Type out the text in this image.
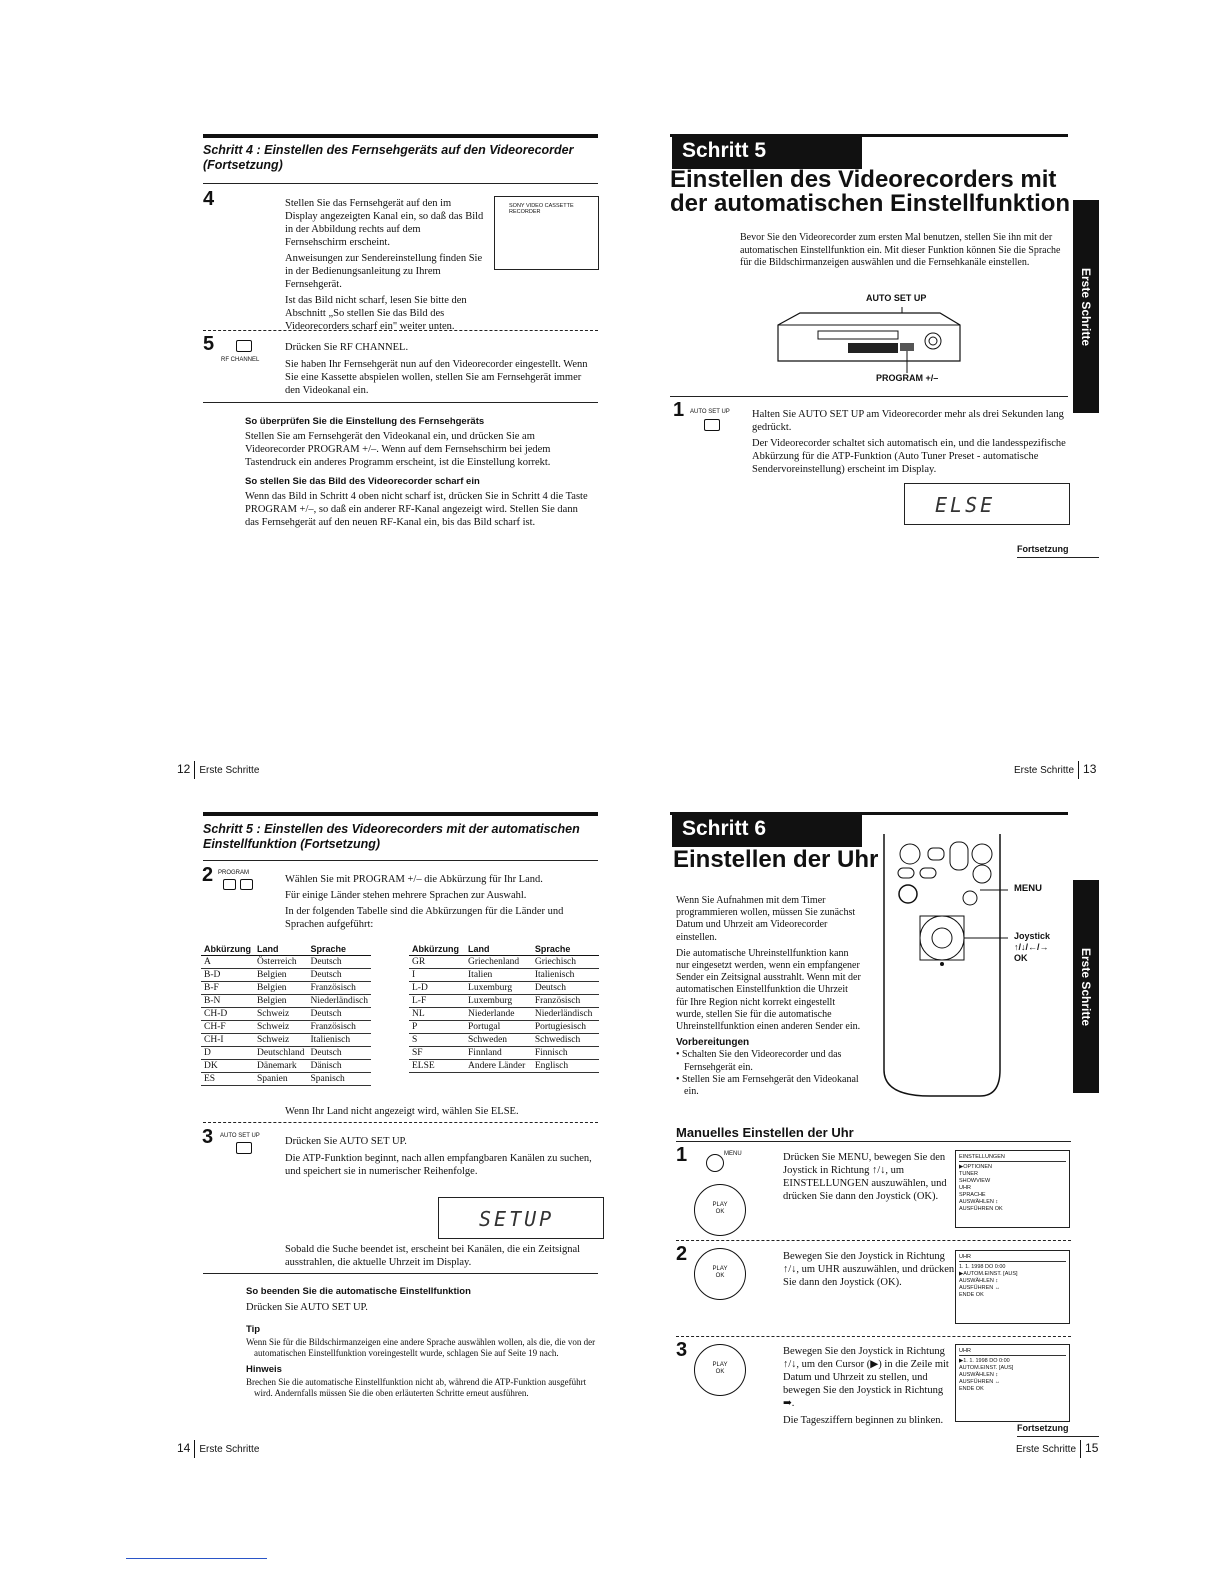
Schritt 4 : Einstellen des Fernsehgeräts auf den Videorecorder (Fortsetzung)
4	Stellen Sie das Fernsehgerät auf den im Display angezeigten Kanal ein, so daß das Bild in der Abbildung rechts auf dem Fernsehschirm erscheint.
Anweisungen zur Sendereinstellung finden Sie in der Bedienungsanleitung zu Ihrem Fernsehgerät.
Ist das Bild nicht scharf, lesen Sie bitte den Abschnitt „So stellen Sie das Bild des Videorecorders scharf ein" weiter unten.
SONY VIDEO CASSETTE RECORDER
5
RF CHANNEL
Drücken Sie RF CHANNEL.
Sie haben Ihr Fernsehgerät nun auf den Videorecorder eingestellt. Wenn Sie eine Kassette abspielen wollen, stellen Sie am Fernsehgerät immer den Videokanal ein.
So überprüfen Sie die Einstellung des Fernsehgeräts
Stellen Sie am Fernsehgerät den Videokanal ein, und drücken Sie am Videorecorder PROGRAM +/–. Wenn auf dem Fernsehschirm bei jedem Tastendruck ein anderes Programm erscheint, ist die Einstellung korrekt.
So stellen Sie das Bild des Videorecorder scharf ein
Wenn das Bild in Schritt 4 oben nicht scharf ist, drücken Sie in Schritt 4 die Taste PROGRAM +/–, so daß ein anderer RF-Kanal angezeigt wird. Stellen Sie dann das Fernsehgerät auf den neuen RF-Kanal ein, bis das Bild scharf ist.
12 Erste Schritte
Schritt 5
Einstellen des Videorecorders mit der automatischen Einstellfunktion
Bevor Sie den Videorecorder zum ersten Mal benutzen, stellen Sie ihn mit der automatischen Einstellfunktion ein. Mit dieser Funktion können Sie die Sprache für die Bildschirmanzeigen auswählen und die Fernsehkanäle einstellen.
AUTO SET UP
PROGRAM +/–
1 AUTO SET UP Halten Sie AUTO SET UP am Videorecorder mehr als drei Sekunden lang gedrückt.
Der Videorecorder schaltet sich automatisch ein, und die landesspezifische Abkürzung für die ATP-Funktion (Auto Tuner Preset - automatische Sendervoreinstellung) erscheint im Display.
ELSE
Fortsetzung
Erste Schritte
Erste Schritte 13
Schritt 5 : Einstellen des Videorecorders mit der automatischen Einstellfunktion (Fortsetzung)
2 PROGRAM
Wählen Sie mit PROGRAM +/– die Abkürzung für Ihr Land.
Für einige Länder stehen mehrere Sprachen zur Auswahl.
In der folgenden Tabelle sind die Abkürzungen für die Länder und Sprachen aufgeführt:
Abkürzung	Land	Sprache
A	Österreich	Deutsch
B-D	Belgien	Deutsch
B-F	Belgien	Französisch
B-N	Belgien	Niederländisch
CH-D	Schweiz	Deutsch
CH-F	Schweiz	Französisch
CH-I	Schweiz	Italienisch
D	Deutschland	Deutsch
DK	Dänemark	Dänisch
ES	Spanien	Spanisch
Abkürzung	Land	Sprache
GR	Griechenland	Griechisch
I	Italien	Italienisch
L-D	Luxemburg	Deutsch
L-F	Luxemburg	Französisch
NL	Niederlande	Niederländisch
P	Portugal	Portugiesisch
S	Schweden	Schwedisch
SF	Finnland	Finnisch
ELSE	Andere Länder	Englisch
Wenn Ihr Land nicht angezeigt wird, wählen Sie ELSE.
3 AUTO SET UP Drücken Sie AUTO SET UP.
Die ATP-Funktion beginnt, nach allen empfangbaren Kanälen zu suchen, und speichert sie in numerischer Reihenfolge.
SETUP
Sobald die Suche beendet ist, erscheint bei Kanälen, die ein Zeitsignal ausstrahlen, die aktuelle Uhrzeit im Display.
So beenden Sie die automatische Einstellfunktion
Drücken Sie AUTO SET UP.
Tip
Wenn Sie für die Bildschirmanzeigen eine andere Sprache auswählen wollen, als die, die von der automatischen Einstellfunktion voreingestellt wurde, schlagen Sie auf Seite 19 nach.
Hinweis
Brechen Sie die automatische Einstellfunktion nicht ab, während die ATP-Funktion ausgeführt wird. Andernfalls müssen Sie die oben erläuterten Schritte erneut ausführen.
14 Erste Schritte
Schritt 6
Einstellen der Uhr
Wenn Sie Aufnahmen mit dem Timer programmieren wollen, müssen Sie zunächst Datum und Uhrzeit am Videorecorder einstellen.
Die automatische Uhreinstellfunktion kann nur eingesetzt werden, wenn ein empfangener Sender ein Zeitsignal ausstrahlt. Wenn mit der automatischen Einstellfunktion die Uhrzeit für Ihre Region nicht korrekt eingestellt wurde, stellen Sie für die automatische Uhreinstellfunktion einen anderen Sender ein.
Vorbereitungen
• Schalten Sie den Videorecorder und das Fernsehgerät ein.
• Stellen Sie am Fernsehgerät den Videokanal ein.
MENU
Joystick
↑/↓/←/→
OK
Manuelles Einstellen der Uhr
1	MENU
PLAY OK
Drücken Sie MENU, bewegen Sie den Joystick in Richtung ↑/↓, um EINSTELLUNGEN auszuwählen, und drücken Sie dann den Joystick (OK).
EINSTELLUNGEN
▶OPTIONEN
TUNER
SHOWVIEW
UHR
SPRACHE
AUSWÄHLEN ↕
AUSFÜHREN OK
2
PLAY OK
Bewegen Sie den Joystick in Richtung ↑/↓, um UHR auszuwählen, und drücken Sie dann den Joystick (OK).
UHR
1. 1. 1998 DO 0:00
▶AUTOM.EINST. [AUS]
AUSWÄHLEN ↕
AUSFÜHREN ↔
ENDE OK
3
PLAY OK
Bewegen Sie den Joystick in Richtung ↑/↓, um den Cursor (▶) in die Zeile mit Datum und Uhrzeit zu stellen, und bewegen Sie den Joystick in Richtung ➡.
Die Tagesziffern beginnen zu blinken.
UHR
▶1. 1. 1998 DO 0:00
AUTOM.EINST. [AUS]
AUSWÄHLEN ↕
AUSFÜHREN ↔
ENDE OK
Fortsetzung
Erste Schritte
Erste Schritte 15
